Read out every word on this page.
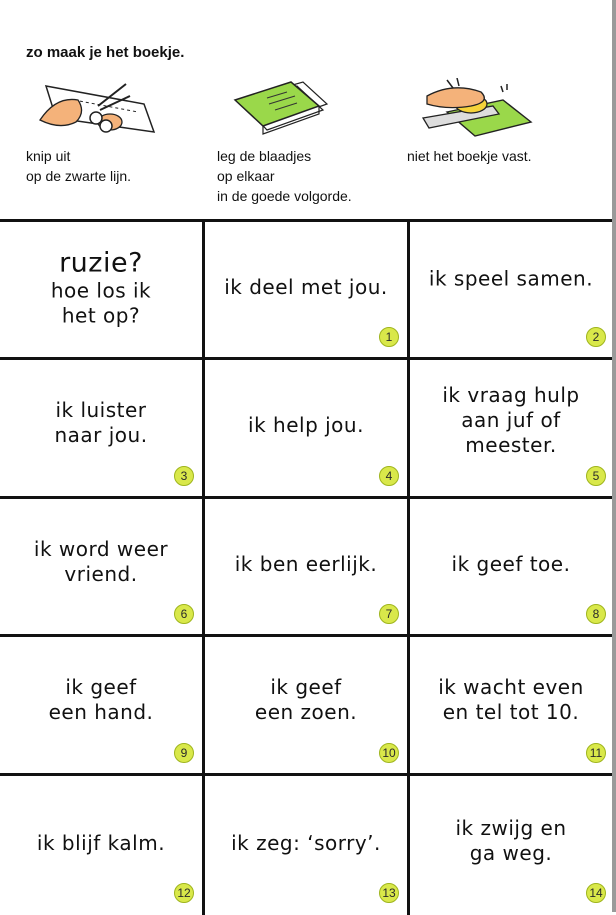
zo maak je het boekje.
knip uit
op de zwarte lijn.
leg de blaadjes
op elkaar
in de goede volgorde.
niet het boekje vast.
ruzie?
hoe los ik
het op?
ik deel met jou.
1
ik speel samen.
2
ik luister
naar jou.
3
ik help jou.
4
ik vraag hulp
aan juf of
meester.
5
ik word weer
vriend.
6
ik ben eerlijk.
7
ik geef toe.
8
ik geef
een hand.
9
ik geef
een zoen.
10
ik wacht even
en tel tot 10.
11
ik blijf kalm.
12
ik zeg: ‘sorry’.
13
ik zwijg en
ga weg.
14
